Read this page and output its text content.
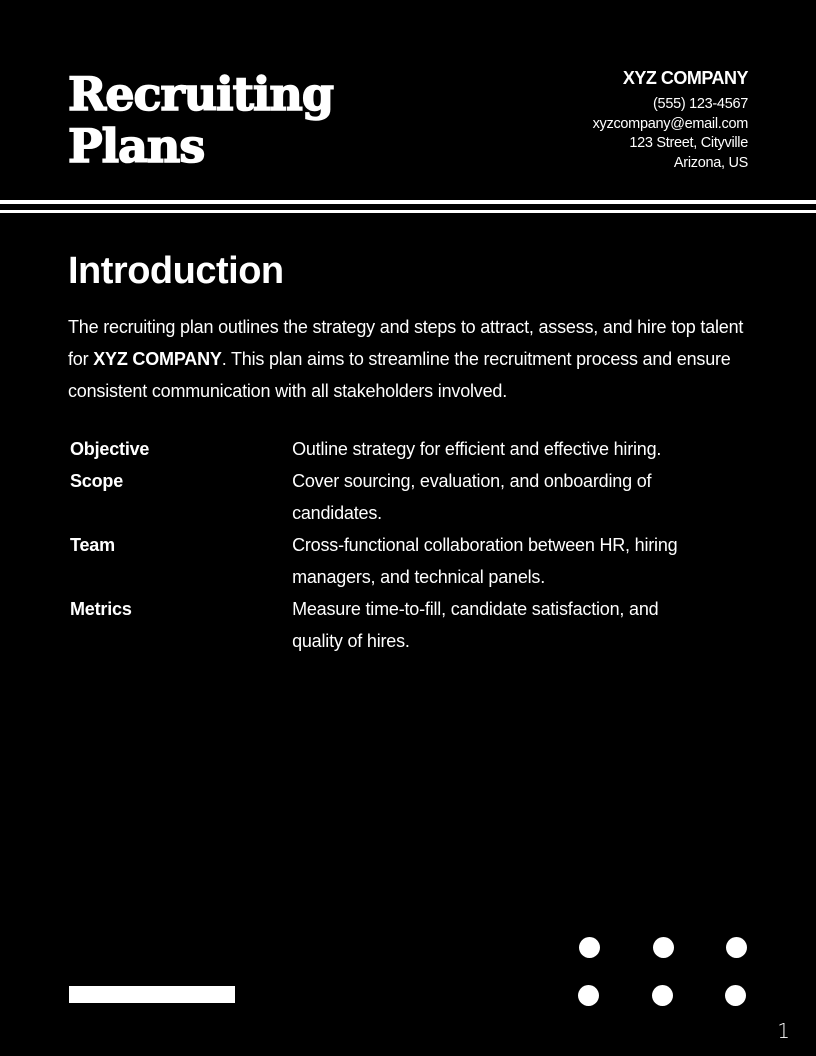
Recruiting
Plans
XYZ COMPANY
(555) 123-4567
xyzcompany@email.com
123 Street, Cityville
Arizona, US
Introduction

The recruiting plan outlines the strategy and steps to attract, assess, and hire top talent for XYZ COMPANY. This plan aims to streamline the recruitment process and ensure consistent communication with all stakeholders involved.

Objective	Outline strategy for efficient and effective hiring.
Scope	Cover sourcing, evaluation, and onboarding of candidates.
Team	Cross-functional collaboration between HR, hiring managers, and technical panels.
Metrics	Measure time-to-fill, candidate satisfaction, and quality of hires.
1
